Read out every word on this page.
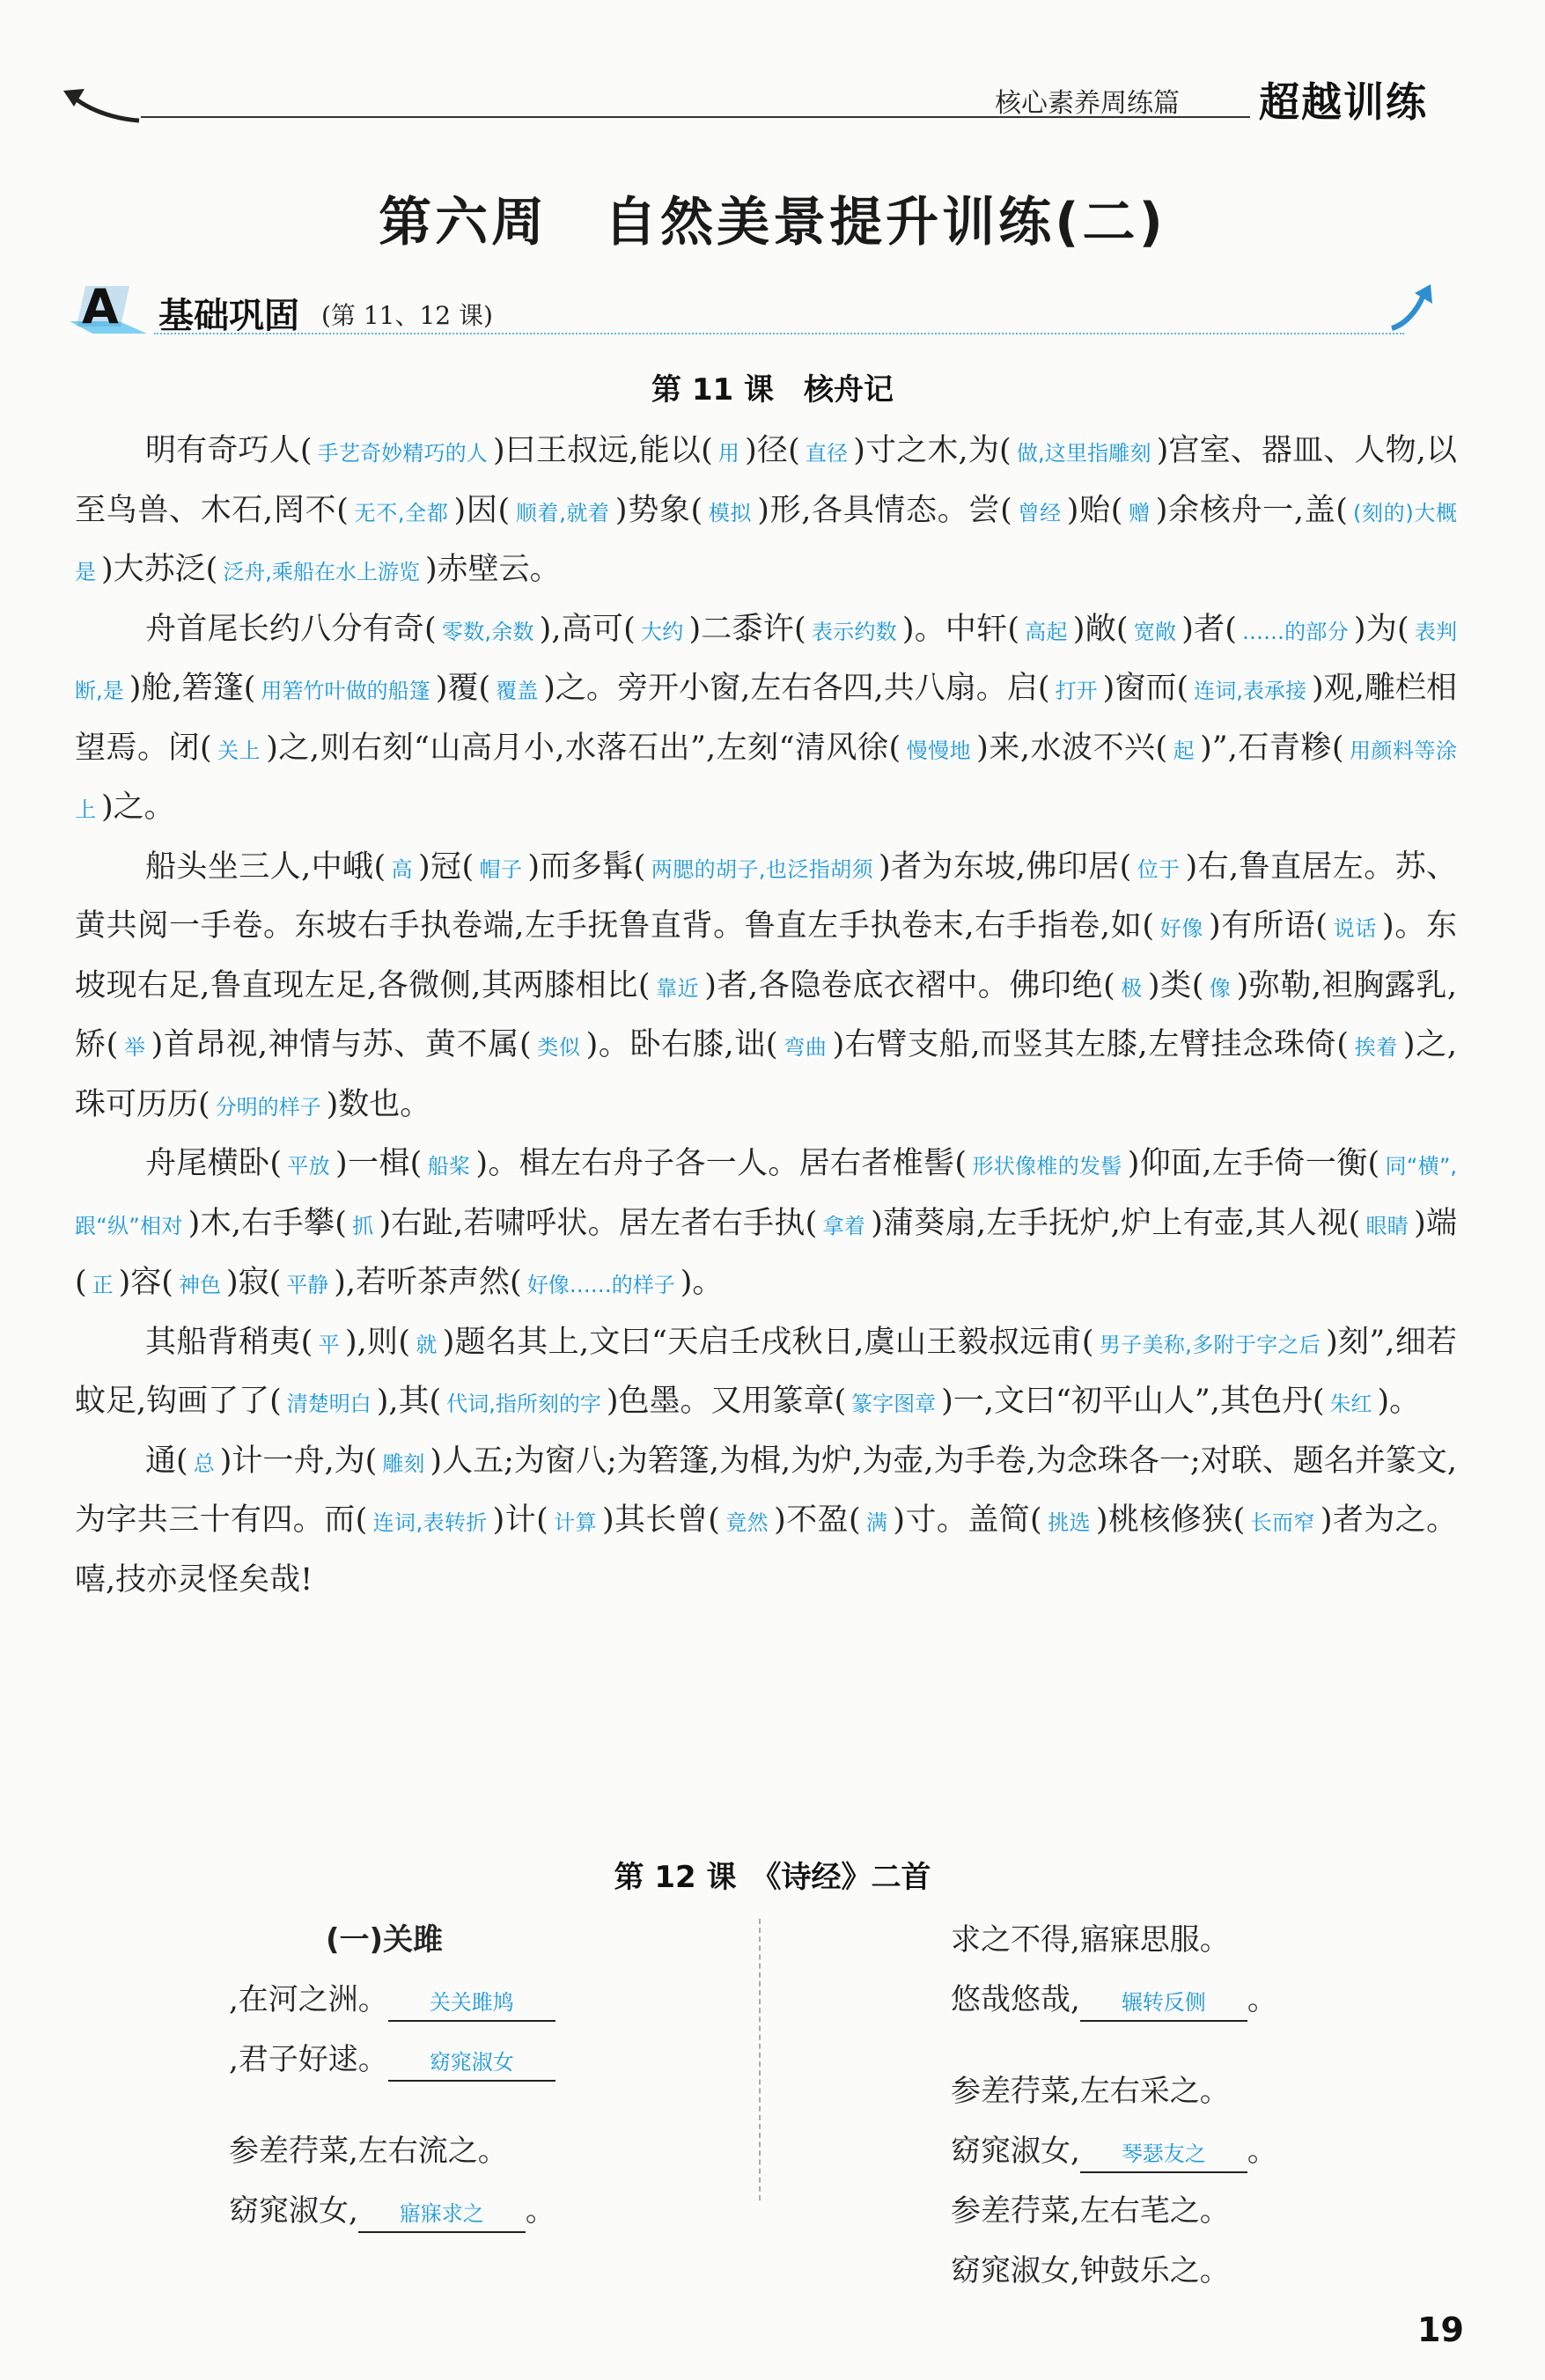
核心素养周练篇 超越训练
第六周　自然美景提升训练(二)
A 基础巩固 (第 11、12 课)
第 11 课　核舟记

明有奇巧人( 手艺奇妙精巧的人 )曰王叔远,能以( 用 )径( 直径 )寸之木,为( 做,这里指雕刻 )宫室、器皿、人物,以至鸟兽、木石,罔不( 无不,全都 )因( 顺着,就着 )势象( 模拟 )形,各具情态。尝( 曾经 )贻( 赠 )余核舟一,盖( (刻的)大概是 )大苏泛( 泛舟,乘船在水上游览 )赤壁云。

舟首尾长约八分有奇( 零数,余数 ),高可( 大约 )二黍许( 表示约数 )。中轩( 高起 )敞( 宽敞 )者( ……的部分 )为( 表判断,是 )舱,箬篷( 用箬竹叶做的船篷 )覆( 覆盖 )之。旁开小窗,左右各四,共八扇。启( 打开 )窗而( 连词,表承接 )观,雕栏相望焉。闭( 关上 )之,则右刻“山高月小,水落石出”,左刻“清风徐( 慢慢地 )来,水波不兴( 起 )”,石青糁( 用颜料等涂上 )之。

船头坐三人,中峨( 高 )冠( 帽子 )而多髯( 两腮的胡子,也泛指胡须 )者为东坡,佛印居( 位于 )右,鲁直居左。苏、黄共阅一手卷。东坡右手执卷端,左手抚鲁直背。鲁直左手执卷末,右手指卷,如( 好像 )有所语( 说话 )。东坡现右足,鲁直现左足,各微侧,其两膝相比( 靠近 )者,各隐卷底衣褶中。佛印绝( 极 )类( 像 )弥勒,袒胸露乳,矫( 举 )首昂视,神情与苏、黄不属( 类似 )。卧右膝,诎( 弯曲 )右臂支船,而竖其左膝,左臂挂念珠倚( 挨着 )之,珠可历历( 分明的样子 )数也。

舟尾横卧( 平放 )一楫( 船桨 )。楫左右舟子各一人。居右者椎髻( 形状像椎的发髻 )仰面,左手倚一衡( 同“横”,跟“纵”相对 )木,右手攀( 抓 )右趾,若啸呼状。居左者右手执( 拿着 )蒲葵扇,左手抚炉,炉上有壶,其人视( 眼睛 )端( 正 )容( 神色 )寂( 平静 ),若听茶声然( 好像……的样子 )。

其船背稍夷( 平 ),则( 就 )题名其上,文曰“天启壬戌秋日,虞山王毅叔远甫( 男子美称,多附于字之后 )刻”,细若蚊足,钩画了了( 清楚明白 ),其( 代词,指所刻的字 )色墨。又用篆章( 篆字图章 )一,文曰“初平山人”,其色丹( 朱红 )。

通( 总 )计一舟,为( 雕刻 )人五;为窗八;为箬篷,为楫,为炉,为壶,为手卷,为念珠各一;对联、题名并篆文,为字共三十有四。而( 连词,表转折 )计( 计算 )其长曾( 竟然 )不盈( 满 )寸。盖简( 挑选 )桃核修狭( 长而窄 )者为之。嘻,技亦灵怪矣哉!

第 12 课　《诗经》二首
(一)关雎
,在河之洲。 关关雎鸠
,君子好逑。 窈窕淑女
参差荇菜,左右流之。
窈窕淑女, 寤寐求之 。
求之不得,寤寐思服。
悠哉悠哉, 辗转反侧 。
参差荇菜,左右采之。
窈窕淑女, 琴瑟友之 。
参差荇菜,左右芼之。
窈窕淑女,钟鼓乐之。
19
